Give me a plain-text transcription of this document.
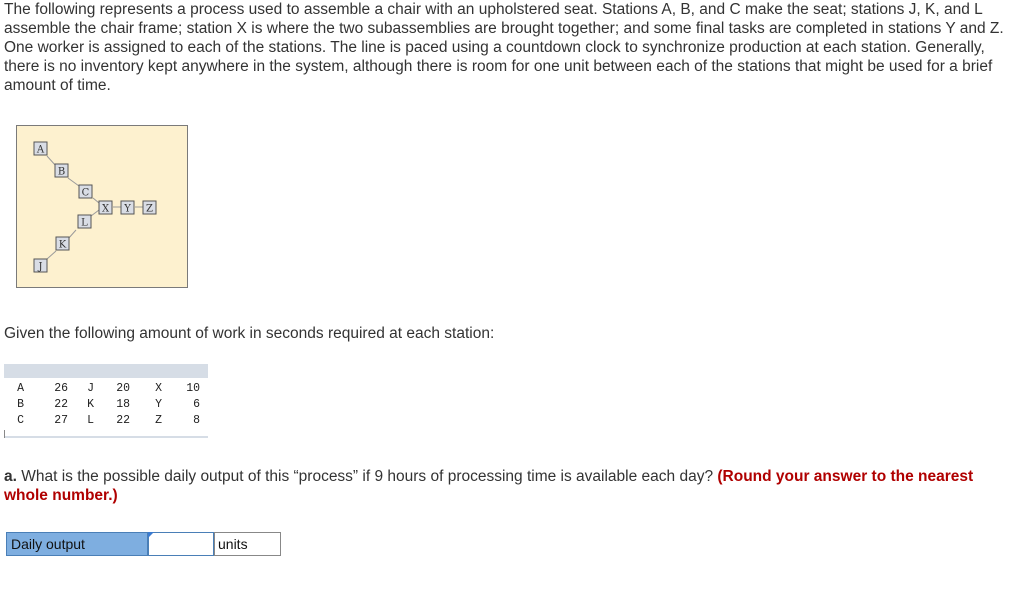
The following represents a process used to assemble a chair with an upholstered seat. Stations A, B, and C make the seat; stations J, K, and L assemble the chair frame; station X is where the two subassemblies are brought together; and some final tasks are completed in stations Y and Z. One worker is assigned to each of the stations. The line is paced using a countdown clock to synchronize production at each station. Generally, there is no inventory kept anywhere in the system, although there is room for one unit between each of the stations that might be used for a brief amount of time.

A
B
C
X Y Z
L
K
J

Given the following amount of work in seconds required at each station:

A	26	J	20	X	10
B	22	K	18	Y	6
C	27	L	22	Z	8

a. What is the possible daily output of this “process” if 9 hours of processing time is available each day? (Round your answer to the nearest whole number.)

Daily output	units
